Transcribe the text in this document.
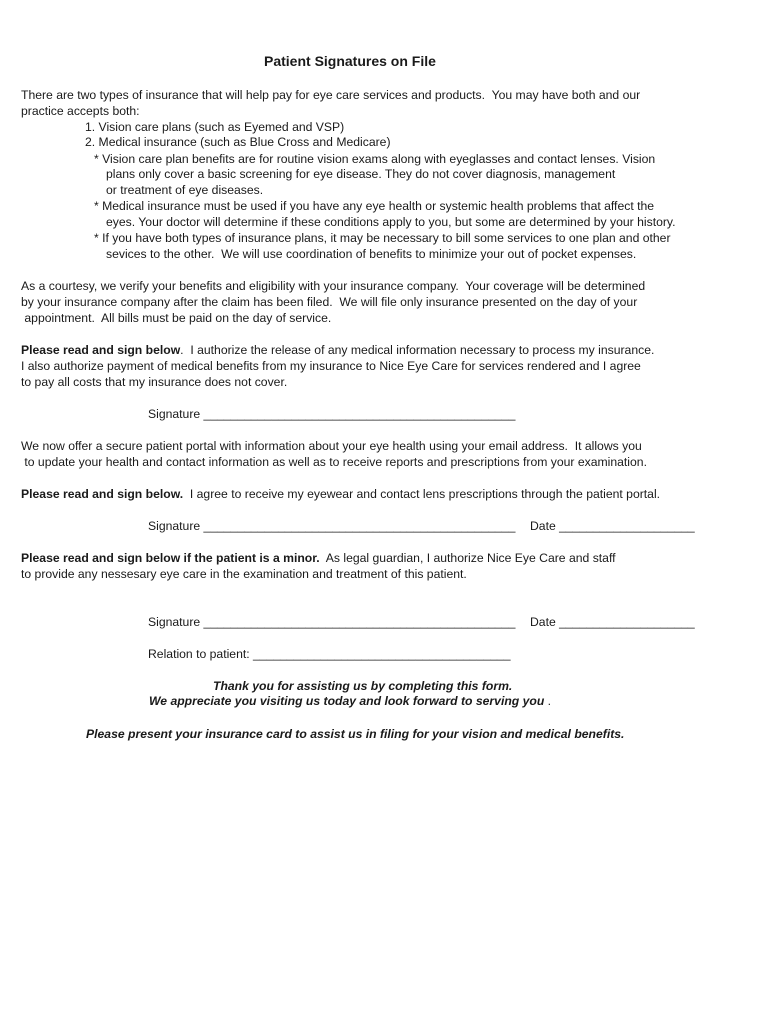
Patient Signatures on File
There are two types of insurance that will help pay for eye care services and products.  You may have both and our
practice accepts both:
1. Vision care plans (such as Eyemed and VSP)
2. Medical insurance (such as Blue Cross and Medicare)
* Vision care plan benefits are for routine vision exams along with eyeglasses and contact lenses. Vision
plans only cover a basic screening for eye disease. They do not cover diagnosis, management
or treatment of eye diseases.
* Medical insurance must be used if you have any eye health or systemic health problems that affect the
eyes. Your doctor will determine if these conditions apply to you, but some are determined by your history.
* If you have both types of insurance plans, it may be necessary to bill some services to one plan and other
sevices to the other.  We will use coordination of benefits to minimize your out of pocket expenses.
As a courtesy, we verify your benefits and eligibility with your insurance company.  Your coverage will be determined
by your insurance company after the claim has been filed.  We will file only insurance presented on the day of your
appointment.  All bills must be paid on the day of service.
Please read and sign below.  I authorize the release of any medical information necessary to process my insurance.
I also authorize payment of medical benefits from my insurance to Nice Eye Care for services rendered and I agree
to pay all costs that my insurance does not cover.
Signature ______________________________________________
We now offer a secure patient portal with information about your eye health using your email address.  It allows you
to update your health and contact information as well as to receive reports and prescriptions from your examination.
Please read and sign below.  I agree to receive my eyewear and contact lens prescriptions through the patient portal.
Signature ______________________________________________ Date ____________________
Please read and sign below if the patient is a minor.  As legal guardian, I authorize Nice Eye Care and staff
to provide any nessesary eye care in the examination and treatment of this patient.
Signature ______________________________________________ Date ____________________
Relation to patient: ______________________________________
Thank you for assisting us by completing this form.
We appreciate you visiting us today and look forward to serving you .
Please present your insurance card to assist us in filing for your vision and medical benefits.
